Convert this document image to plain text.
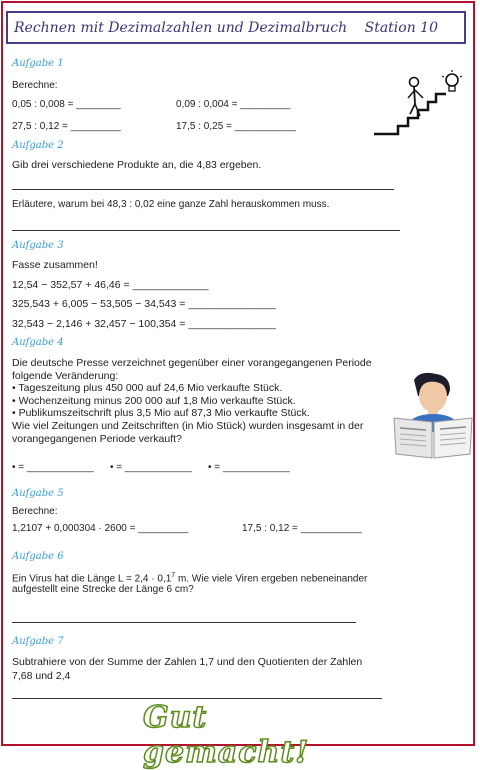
Rechnen mit Dezimalzahlen und Dezimalbruch Station 10
Aufgabe 1
Berechne:
0,05 : 0,008 = ________	0,09 : 0,004 = _________
27,5 : 0,12 = _________	17,5 : 0,25 = ___________
Aufgabe 2
Gib drei verschiedene Produkte an, die 4,83 ergeben.
Erläutere, warum bei 48,3 : 0,02 eine ganze Zahl herauskommen muss.
Aufgabe 3
Fasse zusammen!
12,54 − 352,57 + 46,46 = _____________
325,543 + 6,005 − 53,505 − 34,543 = _______________
32,543 − 2,146 + 32,457 − 100,354 = _______________
Aufgabe 4
Die deutsche Presse verzeichnet gegenüber einer vorangegangenen Periode
folgende Veränderung:
• Tageszeitung plus 450 000 auf 24,6 Mio verkaufte Stück.
• Wochenzeitung minus 200 000 auf 1,8 Mio verkaufte Stück.
• Publikumszeitschrift plus 3,5 Mio auf 87,3 Mio verkaufte Stück.
Wie viel Zeitungen und Zeitschriften (in Mio Stück) wurden insgesamt in der
vorangegangenen Periode verkauft?
• = ____________ • = ____________ • = ____________
Aufgabe 5
Berechne:
1,2107 + 0,000304 · 2600 = _________	17,5 : 0,12 = ___________
Aufgabe 6
Ein Virus hat die Länge $L = 2,4 \cdot 0,1^7$ m. Wie viele Viren ergeben nebeneinander
aufgestellt eine Strecke der Länge 6 cm?
Aufgabe 7
Subtrahiere von der Summe der Zahlen 1,7 und den Quotienten der Zahlen
7,68 und 2,4
Gut gemacht!
